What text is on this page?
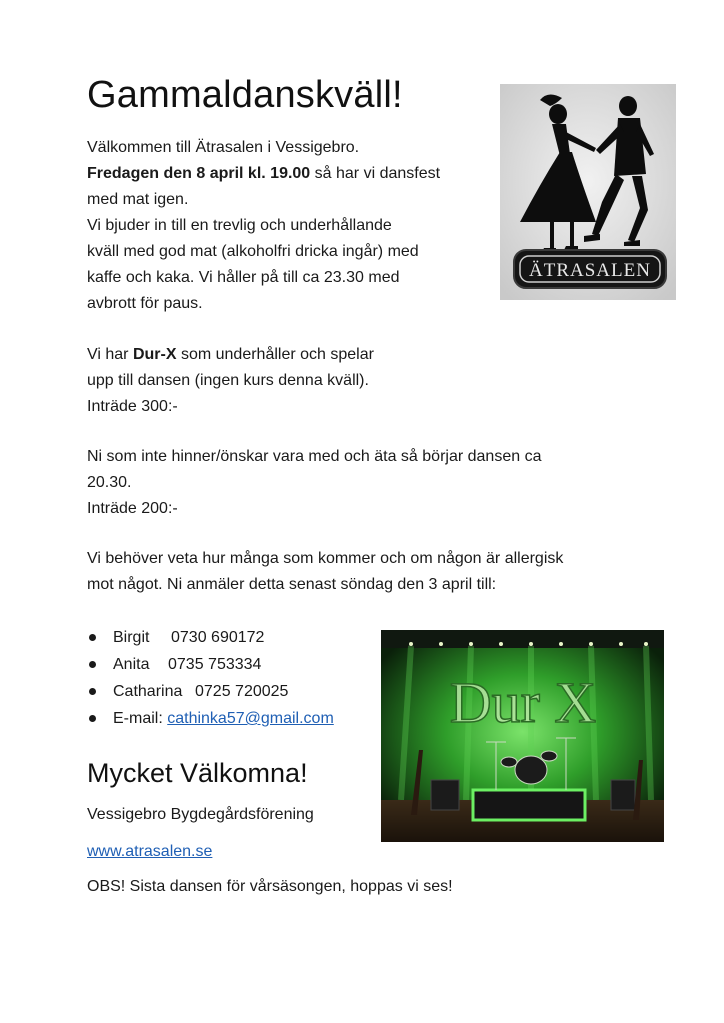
Gammaldanskväll!
Välkommen till Ätrasalen i Vessigebro.
Fredagen den 8 april kl. 19.00 så har vi dansfest
med mat igen.
Vi bjuder in till en trevlig och underhållande
kväll med god mat (alkoholfri dricka ingår) med
kaffe och kaka. Vi håller på till ca 23.30 med
avbrott för paus.
ÄTRASALEN
Vi har Dur-X som underhåller och spelar
upp till dansen (ingen kurs denna kväll).
Inträde 300:-
Ni som inte hinner/önskar vara med och äta så börjar dansen ca
20.30.
Inträde 200:-
Vi behöver veta hur många som kommer och om någon är allergisk
mot något. Ni anmäler detta senast söndag den 3 april till:
Birgit 0730 690172
Anita 0735 753334
Catharina 0725 720025
E-mail: cathinka57@gmail.com	Dur X
Mycket Välkomna!
Vessigebro Bygdegårdsförening
www.atrasalen.se
OBS! Sista dansen för vårsäsongen, hoppas vi ses!
